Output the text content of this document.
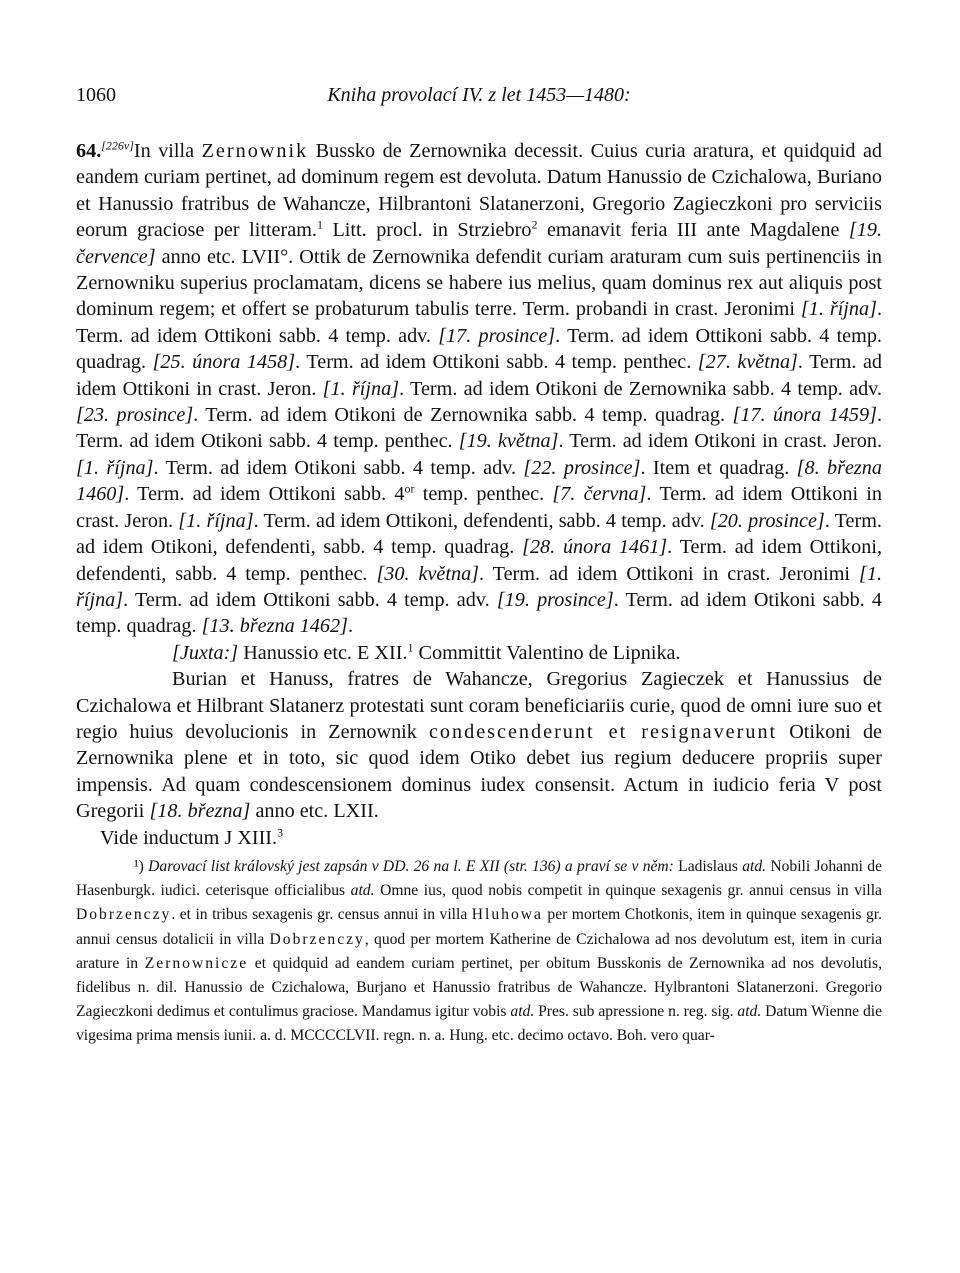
1060	Kniha provolací IV. z let 1453—1480:

64.[226v]In villa Zernownik Bussko de Zernownika decessit. Cuius curia aratura, et quidquid ad eandem curiam pertinet, ad dominum regem est devoluta. Datum Hanussio de Czichalowa, Buriano et Hanussio fratribus de Wahancze, Hilbrantoni Slatanerzoni, Gregorio Zagieczkoni pro serviciis eorum graciose per litteram.$^1$ Litt. procl. in Strziebro$^2$ emanavit feria III ante Magdalene [19. července] anno etc. LVII°. Ottik de Zernownika defendit curiam araturam cum suis pertinenciis in Zernowniku superius proclamatam, dicens se habere ius melius, quam dominus rex aut aliquis post dominum regem; et offert se probaturum tabulis terre. Term. probandi in crast. Jeronimi [1. října]. Term. ad idem Ottikoni sabb. 4 temp. adv. [17. prosince]. Term. ad idem Ottikoni sabb. 4 temp. quadrag. [25. února 1458]. Term. ad idem Ottikoni sabb. 4 temp. penthec. [27. května]. Term. ad idem Ottikoni in crast. Jeron. [1. října]. Term. ad idem Otikoni de Zernownika sabb. 4 temp. adv. [23. prosince]. Term. ad idem Otikoni de Zernownika sabb. 4 temp. quadrag. [17. února 1459]. Term. ad idem Otikoni sabb. 4 temp. penthec. [19. května]. Term. ad idem Otikoni in crast. Jeron. [1. října]. Term. ad idem Otikoni sabb. 4 temp. adv. [22. prosince]. Item et quadrag. [8. března 1460]. Term. ad idem Ottikoni sabb. $4^{or}$ temp. penthec. [7. června]. Term. ad idem Ottikoni in crast. Jeron. [1. října]. Term. ad idem Ottikoni, defendenti, sabb. 4 temp. adv. [20. prosince]. Term. ad idem Otikoni, defendenti, sabb. 4 temp. quadrag. [28. února 1461]. Term. ad idem Ottikoni, defendenti, sabb. 4 temp. penthec. [30. května]. Term. ad idem Ottikoni in crast. Jeronimi [1. října]. Term. ad idem Ottikoni sabb. 4 temp. adv. [19. prosince]. Term. ad idem Otikoni sabb. 4 temp. quadrag. [13. března 1462].

[Juxta:] Hanussio etc. E XII.$^1$ Committit Valentino de Lipnika.

Burian et Hanuss, fratres de Wahancze, Gregorius Zagieczek et Hanussius de Czichalowa et Hilbrant Slatanerz protestati sunt coram beneficiariis curie, quod de omni iure suo et regio huius devolucionis in Zernownik condescenderunt et resignaverunt Otikoni de Zernownika plene et in toto, sic quod idem Otiko debet ius regium deducere propriis super impensis. Ad quam condescensionem dominus iudex consensit. Actum in iudicio feria V post Gregorii [18. března] anno etc. LXII.

Vide inductum J XIII.$^3$

¹) Darovací list královský jest zapsán v DD. 26 na l. E XII (str. 136) a praví se v něm: Ladislaus atd. Nobili Johanni de Hasenburgk. iudici. ceterisque officialibus atd. Omne ius, quod nobis competit in quinque sexagenis gr. annui census in villa Dobrzenczy. et in tribus sexagenis gr. census annui in villa Hluhowa per mortem Chotkonis, item in quinque sexagenis gr. annui census dotalicii in villa Dobrzenczy, quod per mortem Katherine de Czichalowa ad nos devolutum est, item in curia arature in Zernownicze et quidquid ad eandem curiam pertinet, per obitum Busskonis de Zernownika ad nos devolutis, fidelibus n. dil. Hanussio de Czichalowa, Burjano et Hanussio fratribus de Wahancze. Hylbrantoni Slatanerzoni. Gregorio Zagieczkoni dedimus et contulimus graciose. Mandamus igitur vobis atd. Pres. sub apressione n. reg. sig. atd. Datum Wienne die vigesima prima mensis iunii. a. d. MCCCCLVII. regn. n. a. Hung. etc. decimo octavo. Boh. vero quar-
